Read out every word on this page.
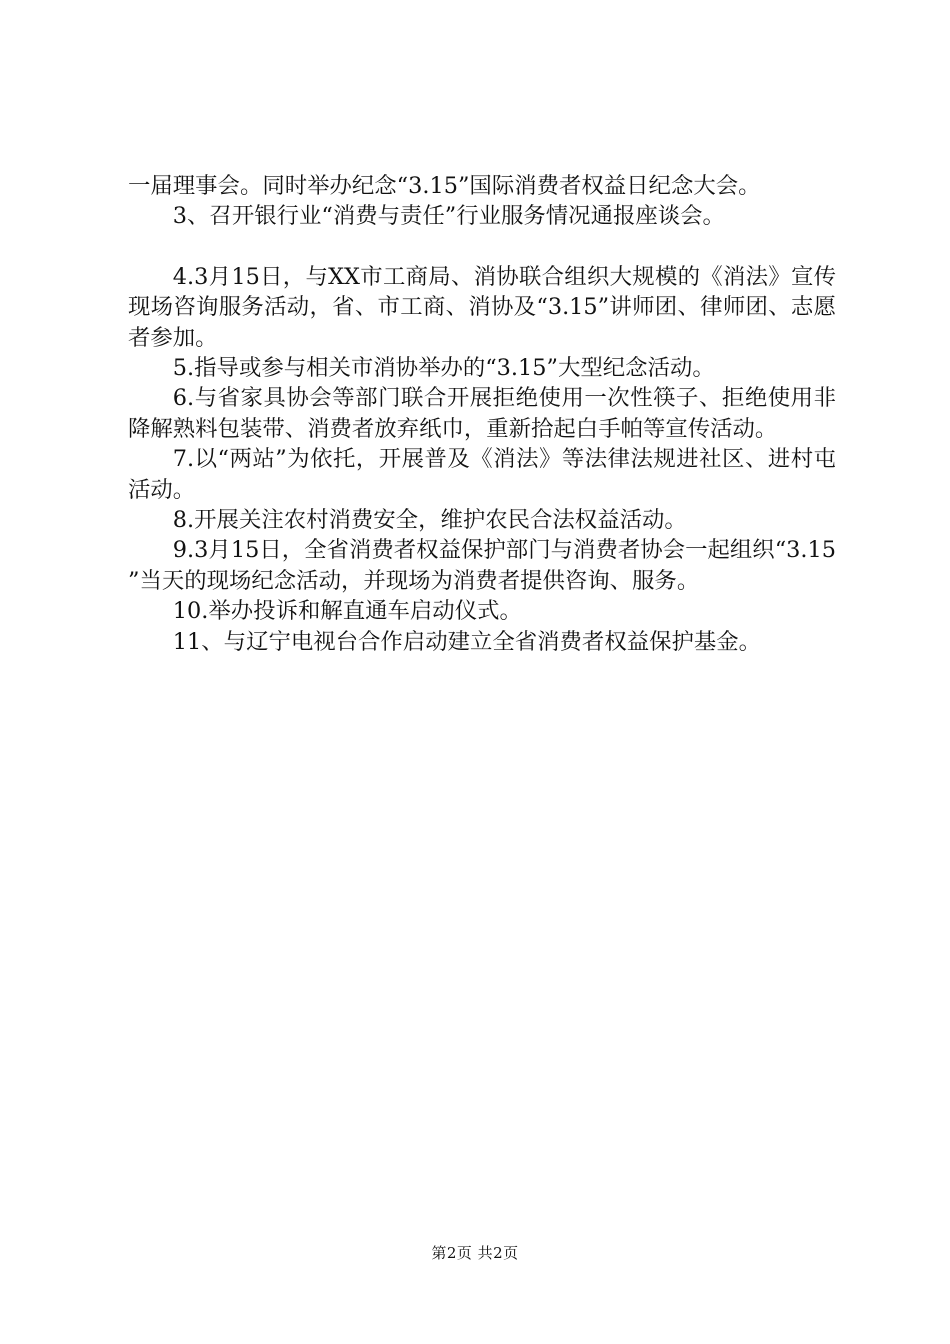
一届理事会。同时举办纪念“3.15”国际消费者权益日纪念大会。

3、召开银行业“消费与责任”行业服务情况通报座谈会。

4.3月15日，与XX市工商局、消协联合组织大规模的《消法》宣传现场咨询服务活动，省、市工商、消协及“3.15”讲师团、律师团、志愿者参加。

5.指导或参与相关市消协举办的“3.15”大型纪念活动。

6.与省家具协会等部门联合开展拒绝使用一次性筷子、拒绝使用非降解熟料包装带、消费者放弃纸巾，重新拾起白手帕等宣传活动。

7.以“两站”为依托，开展普及《消法》等法律法规进社区、进村屯活动。

8.开展关注农村消费安全，维护农民合法权益活动。

9.3月15日，全省消费者权益保护部门与消费者协会一起组织“3.15”当天的现场纪念活动，并现场为消费者提供咨询、服务。

10.举办投诉和解直通车启动仪式。

11、与辽宁电视台合作启动建立全省消费者权益保护基金。

第2页 共2页
